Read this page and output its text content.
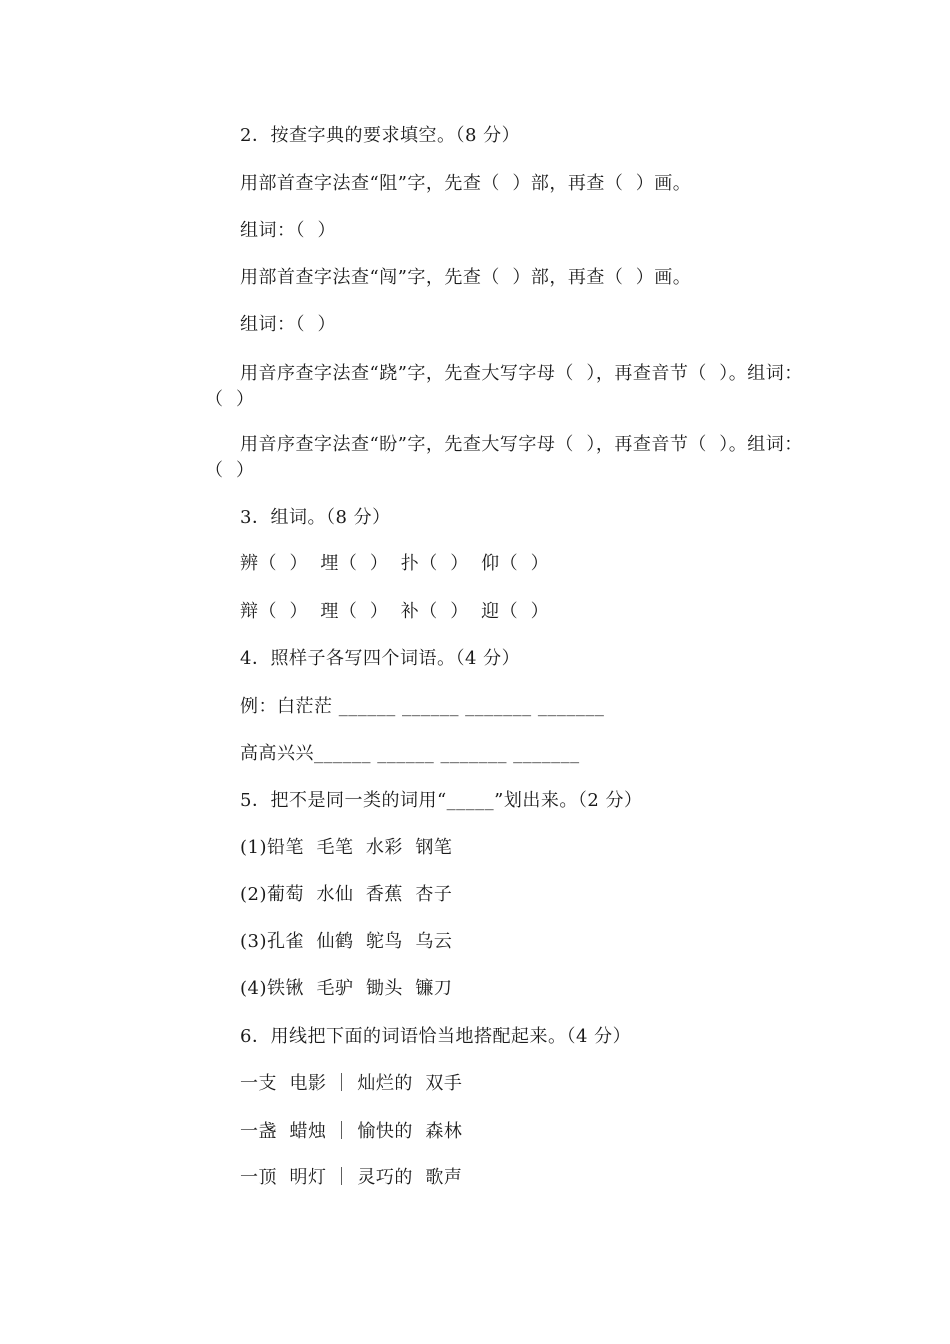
2．按查字典的要求填空。（8 分）
用部首查字法查“阻”字，先查（  ）部，再查（  ）画。
组词：（  ）
用部首查字法查“闯”字，先查（  ）部，再查（  ）画。
组词：（  ）
用音序查字法查“跷”字，先查大写字母（  ），再查音节（  ）。组词：（  ）
用音序查字法查“盼”字，先查大写字母（  ），再查音节（  ）。组词：（  ）
3．组词。（8 分）
辨（  ）  埋（  ）  扑（  ）  仰（  ）
辩（  ）  理（  ）  补（  ）  迎（  ）
4．照样子各写四个词语。（4 分）
例：白茫茫 ______ ______ _______ _______
高高兴兴______ ______ _______ _______
5．把不是同一类的词用“_____”划出来。（2 分）
(1)铅笔  毛笔  水彩  钢笔
(2)葡萄  水仙  香蕉  杏子
(3)孔雀  仙鹤  鸵鸟  乌云
(4)铁锹  毛驴  锄头  镰刀
6．用线把下面的词语恰当地搭配起来。（4 分）
一支  电影 ｜ 灿烂的  双手
一盏  蜡烛 ｜ 愉快的  森林
一顶  明灯 ｜ 灵巧的  歌声
